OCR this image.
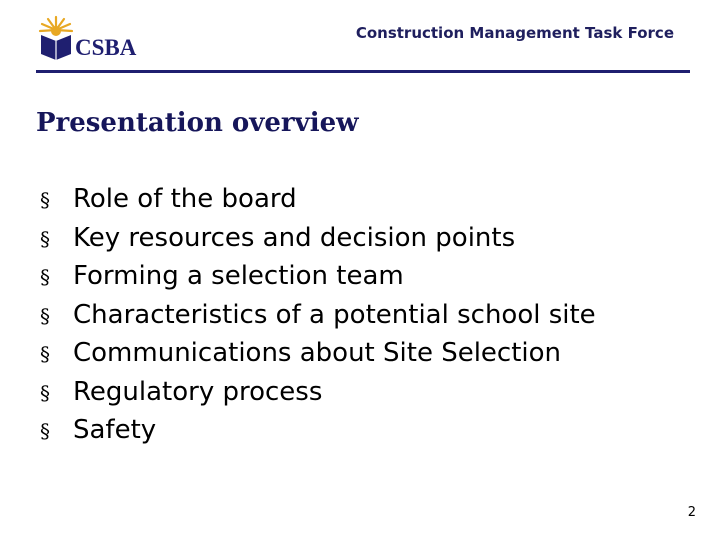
CSBA
Construction Management Task Force
Presentation overview
§ Role of the board
§ Key resources and decision points
§ Forming a selection team
§ Characteristics of a potential school site
§ Communications about Site Selection
§ Regulatory process
§ Safety
2
